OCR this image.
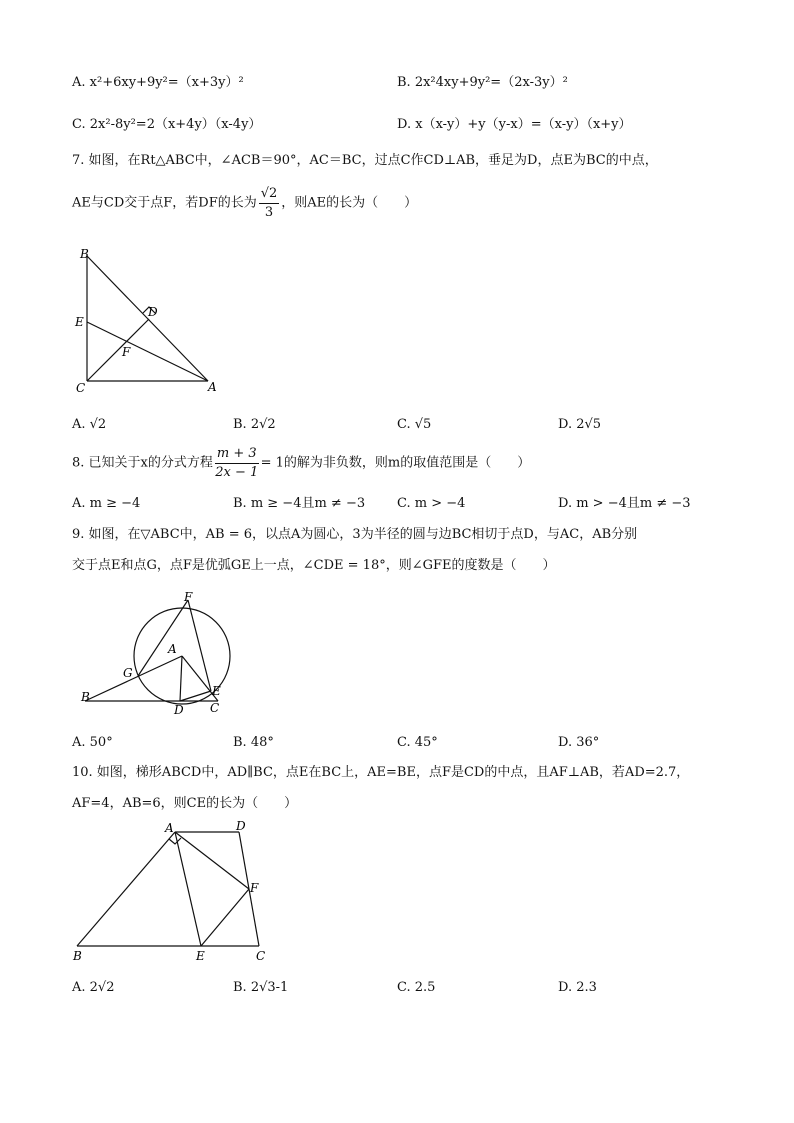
A. x²+6xy+9y²=（x+3y）²	B. 2x²4xy+9y²=（2x-3y）²
C. 2x²-8y²=2（x+4y）（x-4y）	D. x（x-y）+y（y-x）=（x-y）（x+y）
7. 如图，在Rt△ABC中，∠ACB＝90°，AC＝BC，过点C作CD⊥AB，垂足为D，点E为BC的中点，
AE与CD交于点F，若DF的长为 $\frac{√2}{3}$ ，则AE的长为（　　）
B
D
E
F
C	A
A. √2	B. 2√2	C. √5	D. 2√5
8. 已知关于x的分式方程 $\frac{m + 3}{2x - 1} = 1$的解为非负数，则m的取值范围是（　　）
A. m ≥ −4	B. m ≥ −4且m ≠ −3 C. m > −4	D. m > −4且m ≠ −3
9. 如图，在▽ABC中，AB = 6，以点A为圆心，3为半径的圆与边BC相切于点D，与AC，AB分别
交于点E和点G，点F是优弧GE上一点，∠CDE = 18°，则∠GFE的度数是（　　）
F
A
G
B	E
D C
A. 50°	B. 48°	C. 45°	D. 36°
10. 如图，梯形ABCD中，AD∥BC，点E在BC上，AE=BE，点F是CD的中点，且AF⊥AB，若AD=2.7，
AF=4，AB=6，则CE的长为（　　）
A	D
F
B	E	C
A. 2√2	B. 2√3-1	C. 2.5	D. 2.3
